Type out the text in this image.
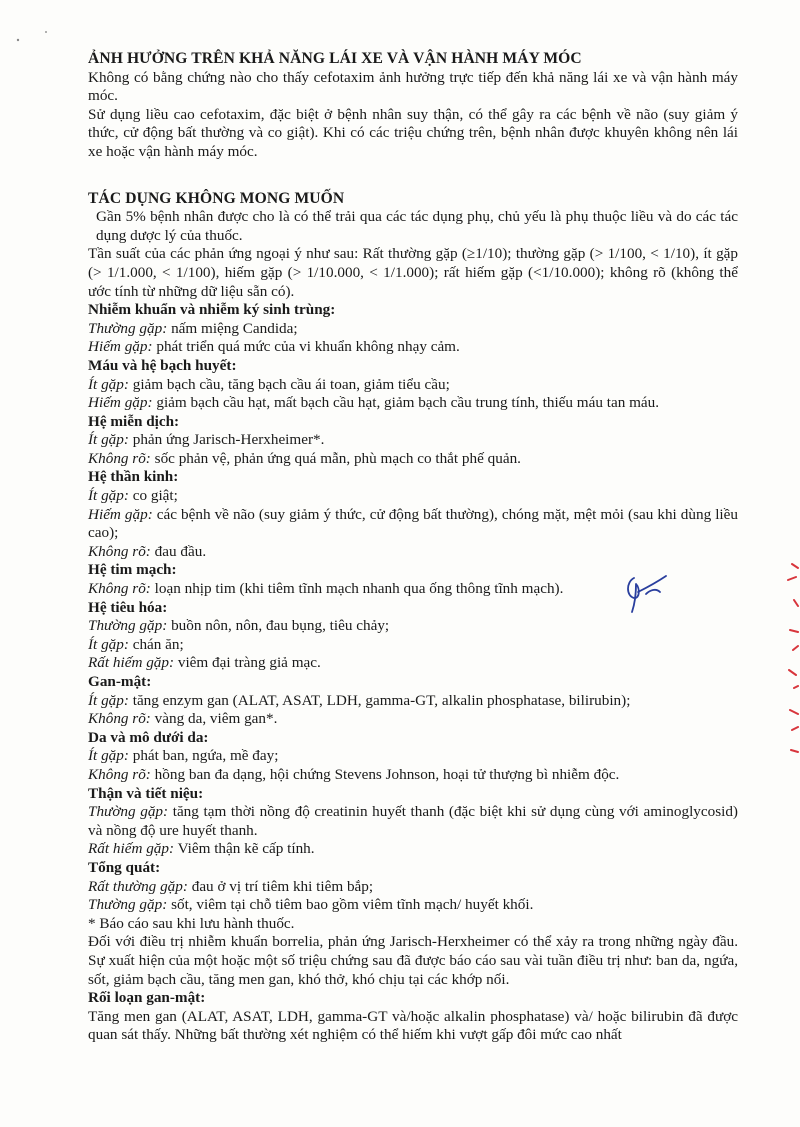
ẢNH HƯỞNG TRÊN KHẢ NĂNG LÁI XE VÀ VẬN HÀNH MÁY MÓC

Không có bằng chứng nào cho thấy cefotaxim ảnh hưởng trực tiếp đến khả năng lái xe và vận hành máy móc.

Sử dụng liều cao cefotaxim, đặc biệt ở bệnh nhân suy thận, có thể gây ra các bệnh về não (suy giảm ý thức, cử động bất thường và co giật). Khi có các triệu chứng trên, bệnh nhân được khuyên không nên lái xe hoặc vận hành máy móc.

TÁC DỤNG KHÔNG MONG MUỐN

Gần 5% bệnh nhân được cho là có thể trải qua các tác dụng phụ, chủ yếu là phụ thuộc liều và do các tác dụng dược lý của thuốc.

Tần suất của các phản ứng ngoại ý như sau: Rất thường gặp (≥1/10); thường gặp (> 1/100, < 1/10), ít gặp (> 1/1.000, < 1/100), hiếm gặp (> 1/10.000, < 1/1.000); rất hiếm gặp (<1/10.000); không rõ (không thể ước tính từ những dữ liệu sẵn có).

Nhiễm khuẩn và nhiễm ký sinh trùng:

Thường gặp: nấm miệng Candida;

Hiếm gặp: phát triển quá mức của vi khuẩn không nhạy cảm.

Máu và hệ bạch huyết:

Ít gặp: giảm bạch cầu, tăng bạch cầu ái toan, giảm tiểu cầu;

Hiếm gặp: giảm bạch cầu hạt, mất bạch cầu hạt, giảm bạch cầu trung tính, thiếu máu tan máu.

Hệ miễn dịch:

Ít gặp: phản ứng Jarisch-Herxheimer*.

Không rõ: sốc phản vệ, phản ứng quá mẫn, phù mạch co thắt phế quản.

Hệ thần kinh:

Ít gặp: co giật;

Hiếm gặp: các bệnh về não (suy giảm ý thức, cử động bất thường), chóng mặt, mệt mỏi (sau khi dùng liều cao);

Không rõ: đau đầu.

Hệ tim mạch:

Không rõ: loạn nhịp tim (khi tiêm tĩnh mạch nhanh qua ống thông tĩnh mạch).

Hệ tiêu hóa:

Thường gặp: buồn nôn, nôn, đau bụng, tiêu chảy;

Ít gặp: chán ăn;

Rất hiếm gặp: viêm đại tràng giả mạc.

Gan-mật:

Ít gặp: tăng enzym gan (ALAT, ASAT, LDH, gamma-GT, alkalin phosphatase, bilirubin);

Không rõ: vàng da, viêm gan*.

Da và mô dưới da:

Ít gặp: phát ban, ngứa, mề đay;

Không rõ: hồng ban đa dạng, hội chứng Stevens Johnson, hoại tử thượng bì nhiễm độc.

Thận và tiết niệu:

Thường gặp: tăng tạm thời nồng độ creatinin huyết thanh (đặc biệt khi sử dụng cùng với aminoglycosid) và nồng độ ure huyết thanh.

Rất hiếm gặp: Viêm thận kẽ cấp tính.

Tổng quát:

Rất thường gặp: đau ở vị trí tiêm khi tiêm bắp;

Thường gặp: sốt, viêm tại chỗ tiêm bao gồm viêm tĩnh mạch/ huyết khối.

* Báo cáo sau khi lưu hành thuốc.

Đối với điều trị nhiễm khuẩn borrelia, phản ứng Jarisch-Herxheimer có thể xảy ra trong những ngày đầu. Sự xuất hiện của một hoặc một số triệu chứng sau đã được báo cáo sau vài tuần điều trị như: ban da, ngứa, sốt, giảm bạch cầu, tăng men gan, khó thở, khó chịu tại các khớp nối.

Rối loạn gan-mật:

Tăng men gan (ALAT, ASAT, LDH, gamma-GT và/hoặc alkalin phosphatase) và/ hoặc bilirubin đã được quan sát thấy. Những bất thường xét nghiệm có thể hiếm khi vượt gấp đôi mức cao nhất
